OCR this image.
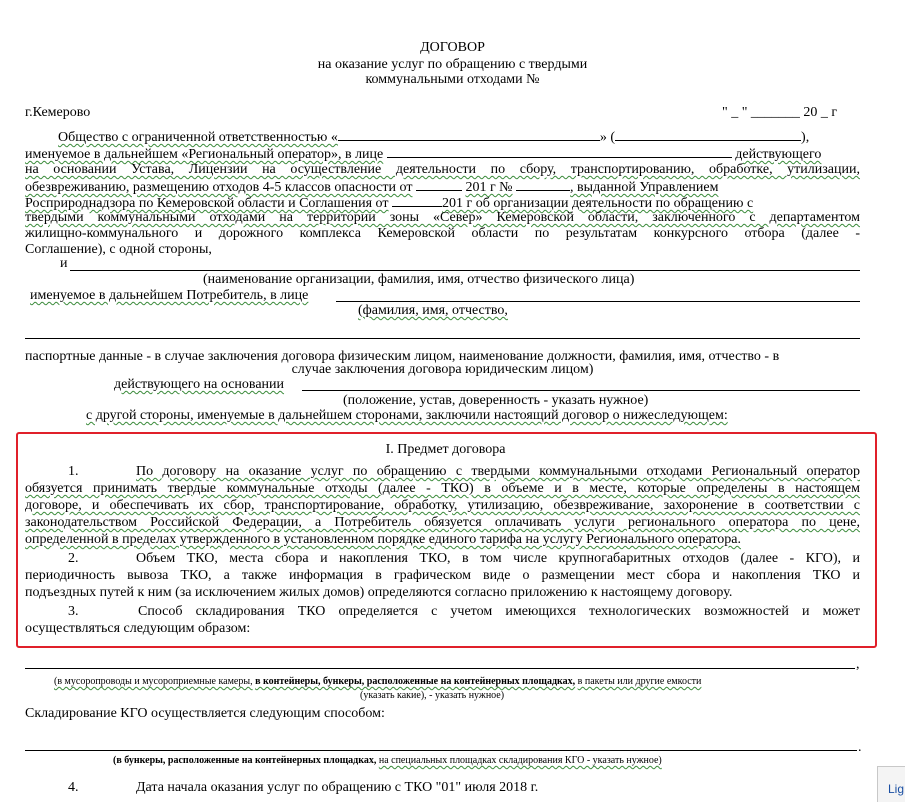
ДОГОВОР
на оказание услуг по обращению с твердыми
коммунальными отходами №
г.Кемерово	" _ " _______ 20 _ г
Общество с ограниченной ответственностью «	» (	),
именуемое в дальнейшем «Региональный оператор», в лице	действующего
на основании Устава, Лицензии на осуществление деятельности по сбору, транспортированию, обработке, утилизации,
обезвреживанию, размещению отходов 4-5 классов опасности от	201 г №	, выданной Управлением
Росприроднадзора по Кемеровской области и Соглашения от	201 г об организации деятельности по обращению с
твердыми коммунальными отходами на территории зоны «Север» Кемеровской области, заключенного с департаментом
жилищно-коммунального и дорожного комплекса Кемеровской области по результатам конкурсного отбора (далее -
Соглашение), с одной стороны,
и
(наименование организации, фамилия, имя, отчество физического лица)
именуемое в дальнейшем Потребитель, в лице
(фамилия, имя, отчество,
паспортные данные - в случае заключения договора физическим лицом, наименование должности, фамилия, имя, отчество - в
случае заключения договора юридическим лицом)
действующего на основании
(положение, устав, доверенность - указать нужное)
с другой стороны, именуемые в дальнейшем сторонами, заключили настоящий договор о нижеследующем:
I. Предмет договора
1.	По договору на оказание услуг по обращению с твердыми коммунальными отходами Региональный оператор
обязуется принимать твердые коммунальные отходы (далее - ТКО) в объеме и в месте, которые определены в настоящем
договоре, и обеспечивать их сбор, транспортирование, обработку, утилизацию, обезвреживание, захоронение в соответствии с
законодательством Российской Федерации, а Потребитель обязуется оплачивать услуги регионального оператора по цене,
определенной в пределах утвержденного в установленном порядке единого тарифа на услугу Регионального оператора.
2.	Объем ТКО, места сбора и накопления ТКО, в том числе крупногабаритных отходов (далее - КГО), и
периодичность вывоза ТКО, а также информация в графическом виде о размещении мест сбора и накопления ТКО и
подъездных путей к ним (за исключением жилых домов) определяются согласно приложению к настоящему договору.
3.	Способ складирования ТКО определяется с учетом имеющихся технологических возможностей и может
осуществляться следующим образом:
,
(в мусоропроводы и мусороприемные камеры, в контейнеры, бункеры, расположенные на контейнерных площадках, в пакеты или другие емкости
(указать какие), - указать нужное)
Складирование КГО осуществляется следующим способом:
.
(в бункеры, расположенные на контейнерных площадках, на специальных площадках складирования КГО - указать нужное)
4.	Дата начала оказания услуг по обращению с ТКО "01" июля 2018 г.	Lig
